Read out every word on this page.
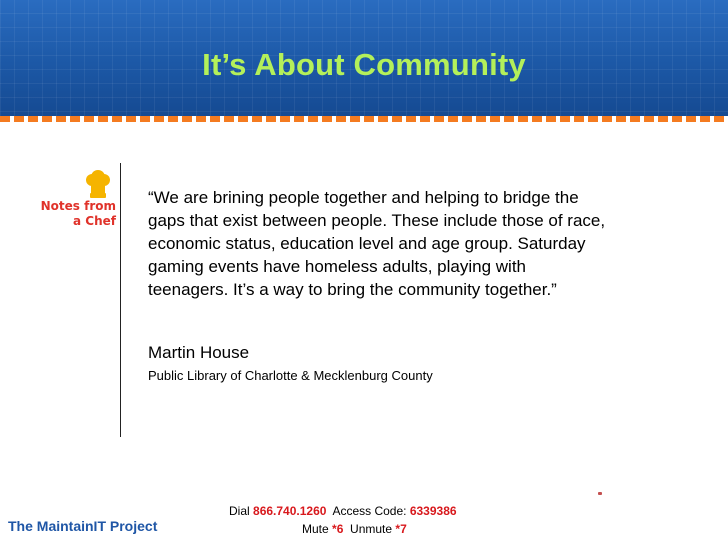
It’s About Community
Notes from
a Chef
“We are brining people together and helping to bridge the gaps that exist between people. These include those of race, economic status, education level and age group. Saturday gaming events have homeless adults, playing with teenagers. It’s a way to bring the community together.”
Martin House
Public Library of Charlotte & Mecklenburg County
The MaintainIT Project
Dial 866.740.1260 Access Code: 6339386
Mute *6 Unmute *7
